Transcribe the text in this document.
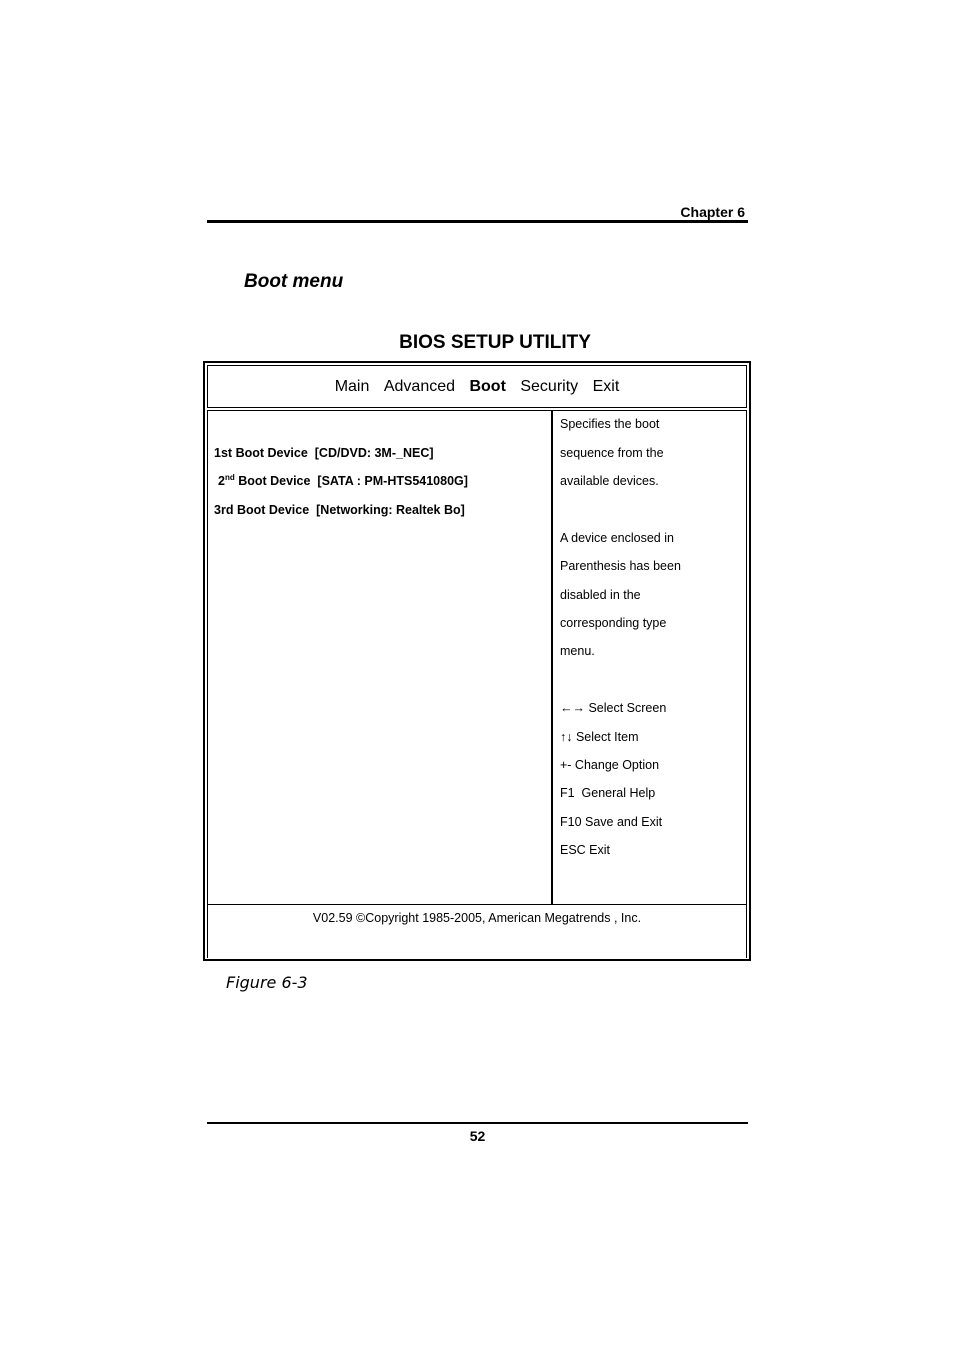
Chapter 6
Boot menu
BIOS SETUP UTILITY
Main Advanced Boot Security Exit
1st Boot Device [CD/DVD: 3M-_NEC]
2nd Boot Device [SATA : PM-HTS541080G]
3rd Boot Device [Networking: Realtek Bo]
Specifies the boot
sequence from the
available devices.
A device enclosed in
Parenthesis has been
disabled in the
corresponding type
menu.
←→ Select Screen
↑↓ Select Item
+- Change Option
F1  General Help
F10 Save and Exit
ESC Exit
V02.59 ©Copyright 1985-2005, American Megatrends , Inc.
Figure 6-3
52
